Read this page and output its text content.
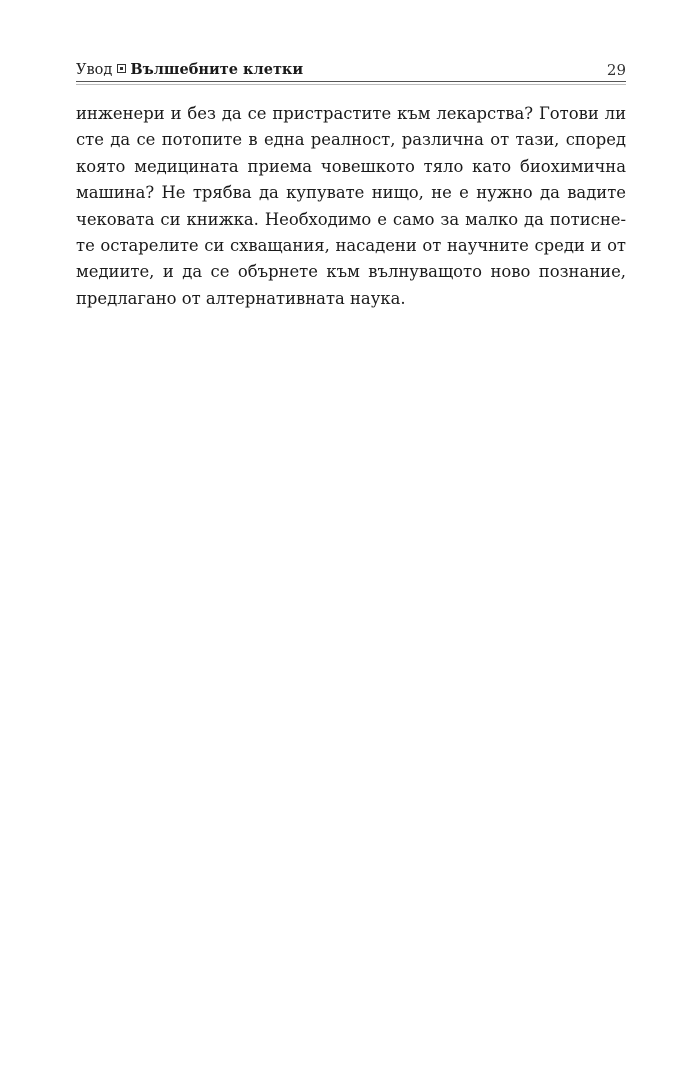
Увод Вълшебните клетки	29
инженери и без да се пристрастите към лекарства? Готови ли
сте да се потопите в една реалност, различна от тази, според
която медицината приема човешкото тяло като биохимична
машина? Не трябва да купувате нищо, не е нужно да вадите
чековата си книжка. Необходимо е само за малко да потисне-
те остарелите си схващания, насадени от научните среди и от
медиите, и да се обърнете към вълнуващото ново познание,
предлагано от алтернативната наука.
